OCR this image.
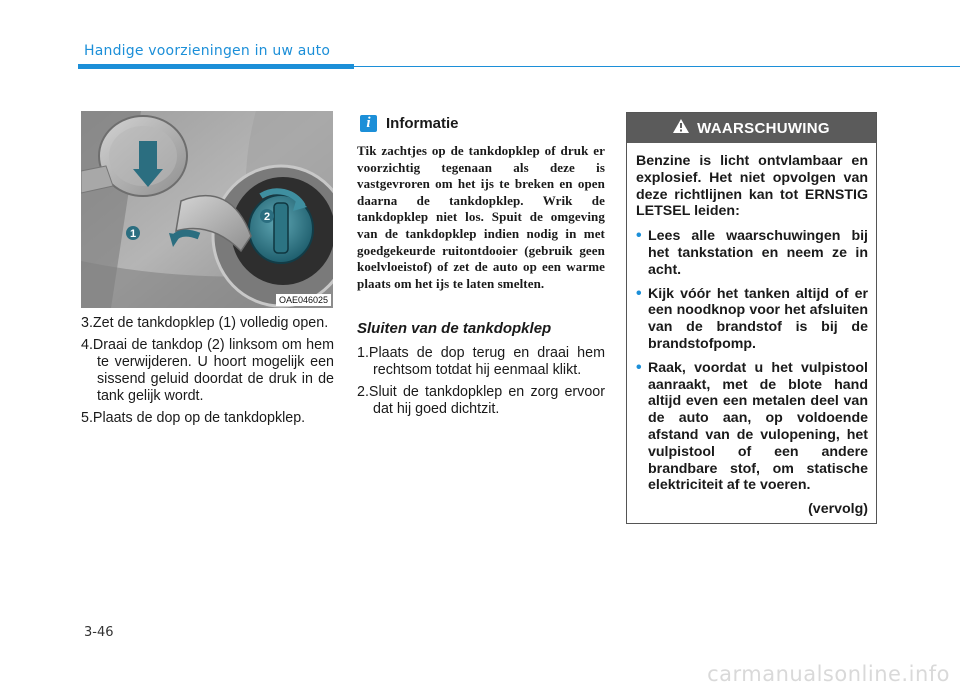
Handige voorzieningen in uw auto
1
2
OAE046025

3.Zet de tankdopklep (1) volledig open.

4.Draai de tankdop (2) linksom om hem te verwijderen. U hoort mogelijk een sissend geluid doordat de druk in de tank gelijk wordt.

5.Plaats de dop op de tankdopklep.

i	Informatie
Tik zachtjes op de tankdopklep of druk er voorzichtig tegenaan als deze is vastgevroren om het ijs te breken en open daarna de tankdopklep. Wrik de tankdopklep niet los. Spuit de omgeving van de tankdopklep indien nodig in met goedgekeurde ruitontdooier (gebruik geen koelvloeistof) of zet de auto op een warme plaats om het ijs te laten smelten.
Sluiten van de tankdopklep

1.Plaats de dop terug en draai hem rechtsom totdat hij eenmaal klikt.

2.Sluit de tankdopklep en zorg ervoor dat hij goed dichtzit.

WAARSCHUWING
Benzine is licht ontvlambaar en explosief. Het niet opvolgen van deze richtlijnen kan tot ERNSTIG LETSEL leiden:
• Lees alle waarschuwingen bij het tankstation en neem ze in acht.
• Kijk vóór het tanken altijd of er een noodknop voor het afsluiten van de brandstof is bij de brandstofpomp.
• Raak, voordat u het vulpistool aanraakt, met de blote hand altijd even een metalen deel van de auto aan, op voldoende afstand van de vulopening, het vulpistool of een andere brandbare stof, om statische elektriciteit af te voeren.
(vervolg)
3-46
carmanualsonline.info
